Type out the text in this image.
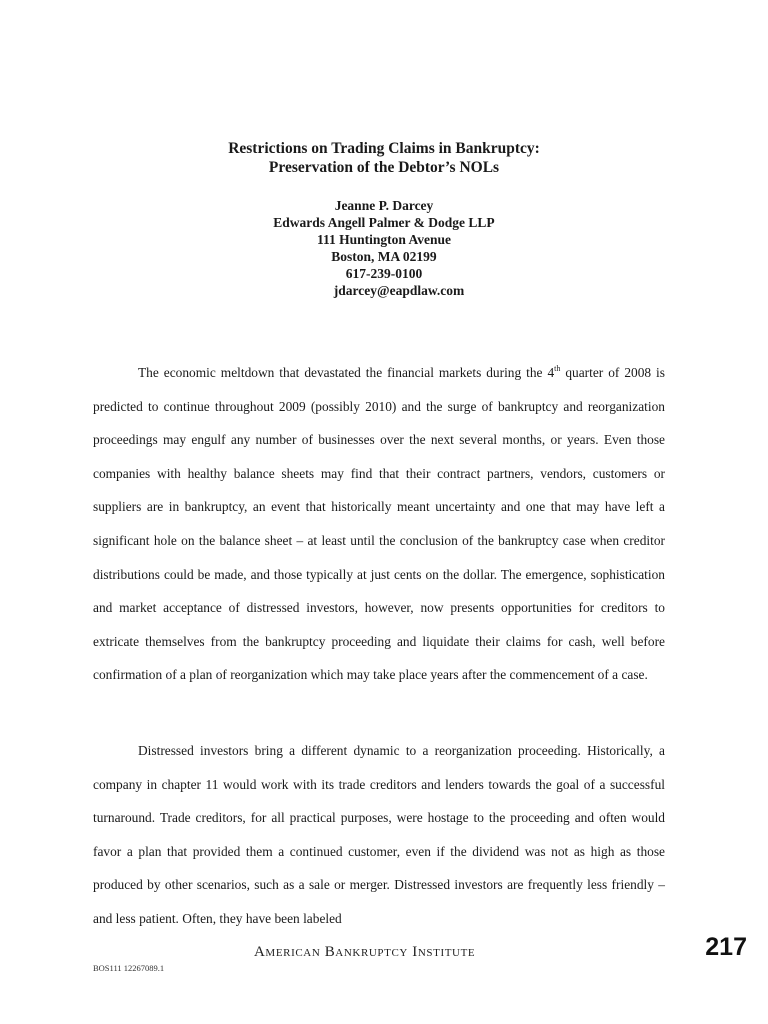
Restrictions on Trading Claims in Bankruptcy:
Preservation of the Debtor’s NOLs
Jeanne P. Darcey
Edwards Angell Palmer & Dodge LLP
111 Huntington Avenue
Boston, MA 02199
617-239-0100
jdarcey@eapdlaw.com

The economic meltdown that devastated the financial markets during the 4th quarter of 2008 is predicted to continue throughout 2009 (possibly 2010) and the surge of bankruptcy and reorganization proceedings may engulf any number of businesses over the next several months, or years. Even those companies with healthy balance sheets may find that their contract partners, vendors, customers or suppliers are in bankruptcy, an event that historically meant uncertainty and one that may have left a significant hole on the balance sheet – at least until the conclusion of the bankruptcy case when creditor distributions could be made, and those typically at just cents on the dollar. The emergence, sophistication and market acceptance of distressed investors, however, now presents opportunities for creditors to extricate themselves from the bankruptcy proceeding and liquidate their claims for cash, well before confirmation of a plan of reorganization which may take place years after the commencement of a case.

Distressed investors bring a different dynamic to a reorganization proceeding. Historically, a company in chapter 11 would work with its trade creditors and lenders towards the goal of a successful turnaround. Trade creditors, for all practical purposes, were hostage to the proceeding and often would favor a plan that provided them a continued customer, even if the dividend was not as high as those produced by other scenarios, such as a sale or merger. Distressed investors are frequently less friendly – and less patient. Often, they have been labeled

American Bankruptcy Institute	217
BOS111 12267089.1
